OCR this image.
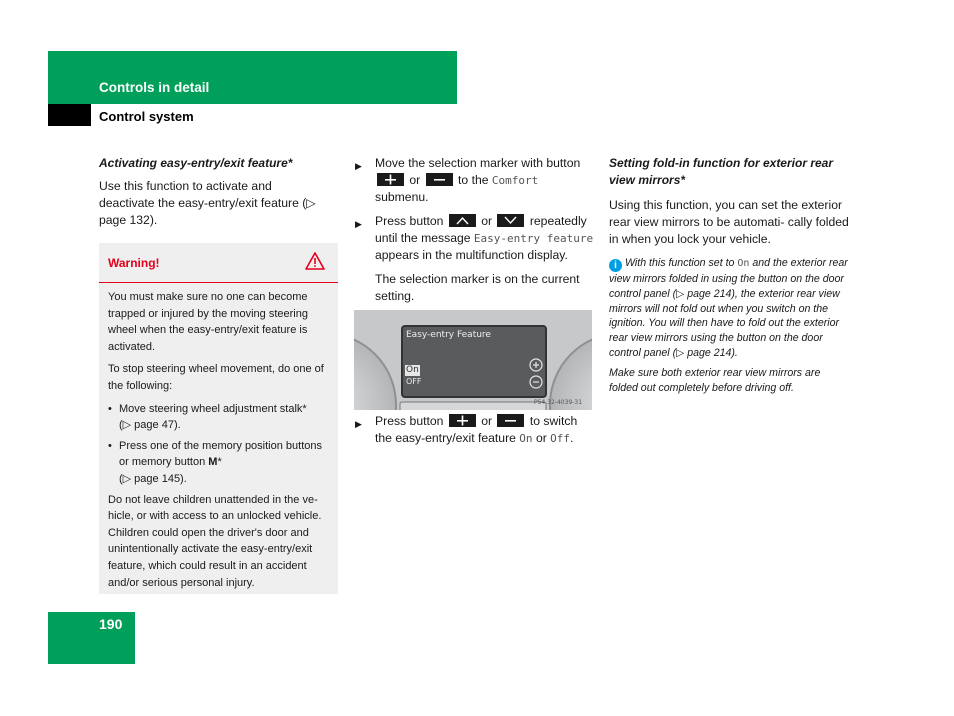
Controls in detail
Control system

Activating easy-entry/exit feature*

Use this function to activate and deactivate the easy-entry/exit feature (▷ page 132).

Warning!

You must make sure no one can become trapped or injured by the moving steering wheel when the easy-entry/exit feature is activated.

To stop steering wheel movement, do one of the following:

• Move steering wheel adjustment stalk*
(▷ page 47).
• Press one of the memory position buttons or memory button M*
(▷ page 145).

Do not leave children unattended in the ve- hicle, or with access to an unlocked vehicle. Children could open the driver's door and unintentionally activate the easy-entry/exit feature, which could result in an accident and/or serious personal injury.

▶	Move the selection marker with button
or	to the Comfort submenu.
▶	Press button	or	repeatedly until the message Easy-entry feature appears in the multifunction display.

The selection marker is on the current setting.

Easy-entry Feature
On
OFF
P54.32-4039-31
▶	Press button	or	to switch the easy-entry/exit feature On or Off.

Setting fold-in function for exterior rear view mirrors*

Using this function, you can set the exterior rear view mirrors to be automati- cally folded in when you lock your vehicle.

i With this function set to On and the exterior rear view mirrors folded in using the button on the door control panel (▷ page 214), the exterior rear view mirrors will not fold out when you switch on the ignition. You will then have to fold out the exterior rear view mirrors using the button on the door control panel (▷ page 214).

Make sure both exterior rear view mirrors are folded out completely before driving off.

190
